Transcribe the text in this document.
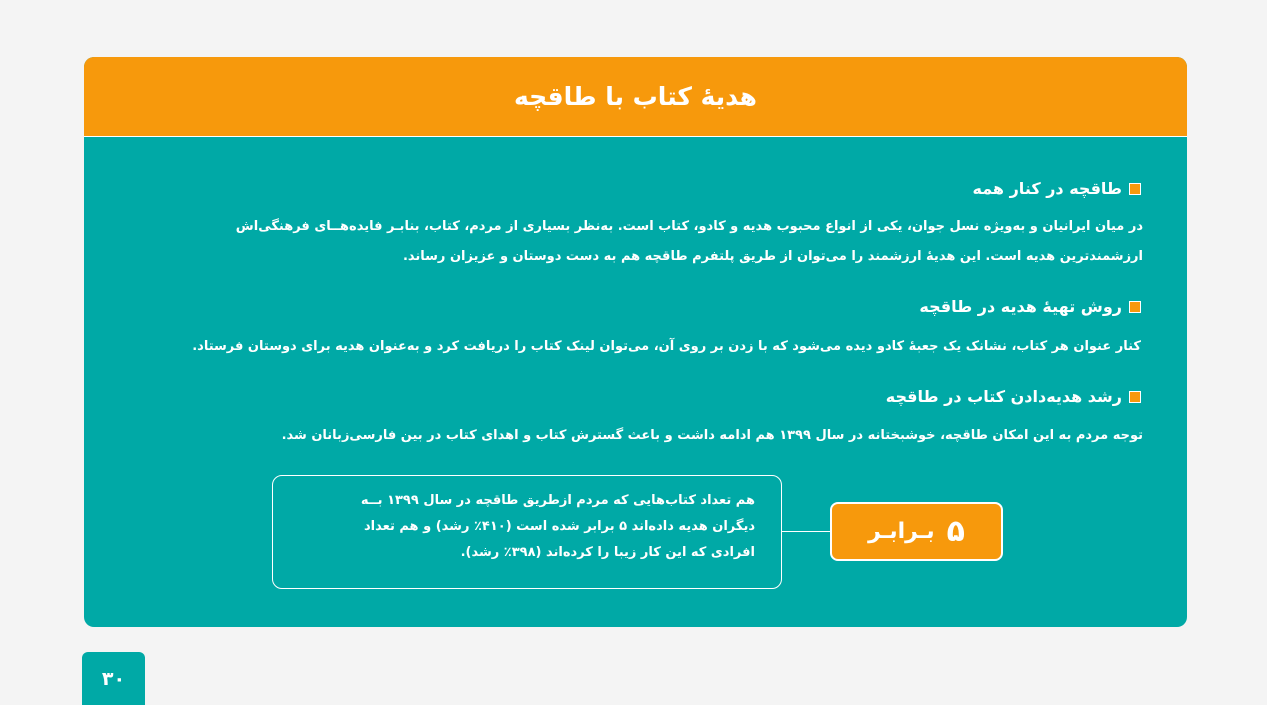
هدیهٔ کتاب با طاقچه
طاقچه در کنار همه
در میان ایرانیان و به‌ویژه نسل جوان، یکی از انواع محبوب هدیه و کادو، کتاب است. به‌نظر بسیاری از مردم، کتاب، بنابـر فایده‌هــای فرهنگی‌اش
ارزشمندترین هدیه است. این هدیهٔ ارزشمند را می‌توان از طریق پلتفرم طاقچه هم به دست دوستان و عزیزان رساند.
روش تهیهٔ هدیه در طاقچه
کنار عنوان هر کتاب، نشانک یک جعبهٔ کادو دیده می‌شود که با زدن بر روی آن، می‌توان لینک کتاب را دریافت کرد و به‌عنوان هدیه برای دوستان فرستاد.
رشد هدیه‌دادن کتاب در طاقچه
توجه مردم به این امکان طاقچه، خوشبختانه در سال ۱۳۹۹ هم ادامه داشت و باعث گسترش کتاب و اهدای کتاب در بین فارسی‌زبانان شد.
هم تعداد کتاب‌هایی که مردم ازطریق طاقچه در سال ۱۳۹۹ بــه
دیگران هدیه داده‌اند ۵ برابر شده است (۴۱۰٪ رشد) و هم تعداد
افرادی که این کار زیبا را کرده‌اند (۳۹۸٪ رشد).
۵
بـرابـر
۳۰
